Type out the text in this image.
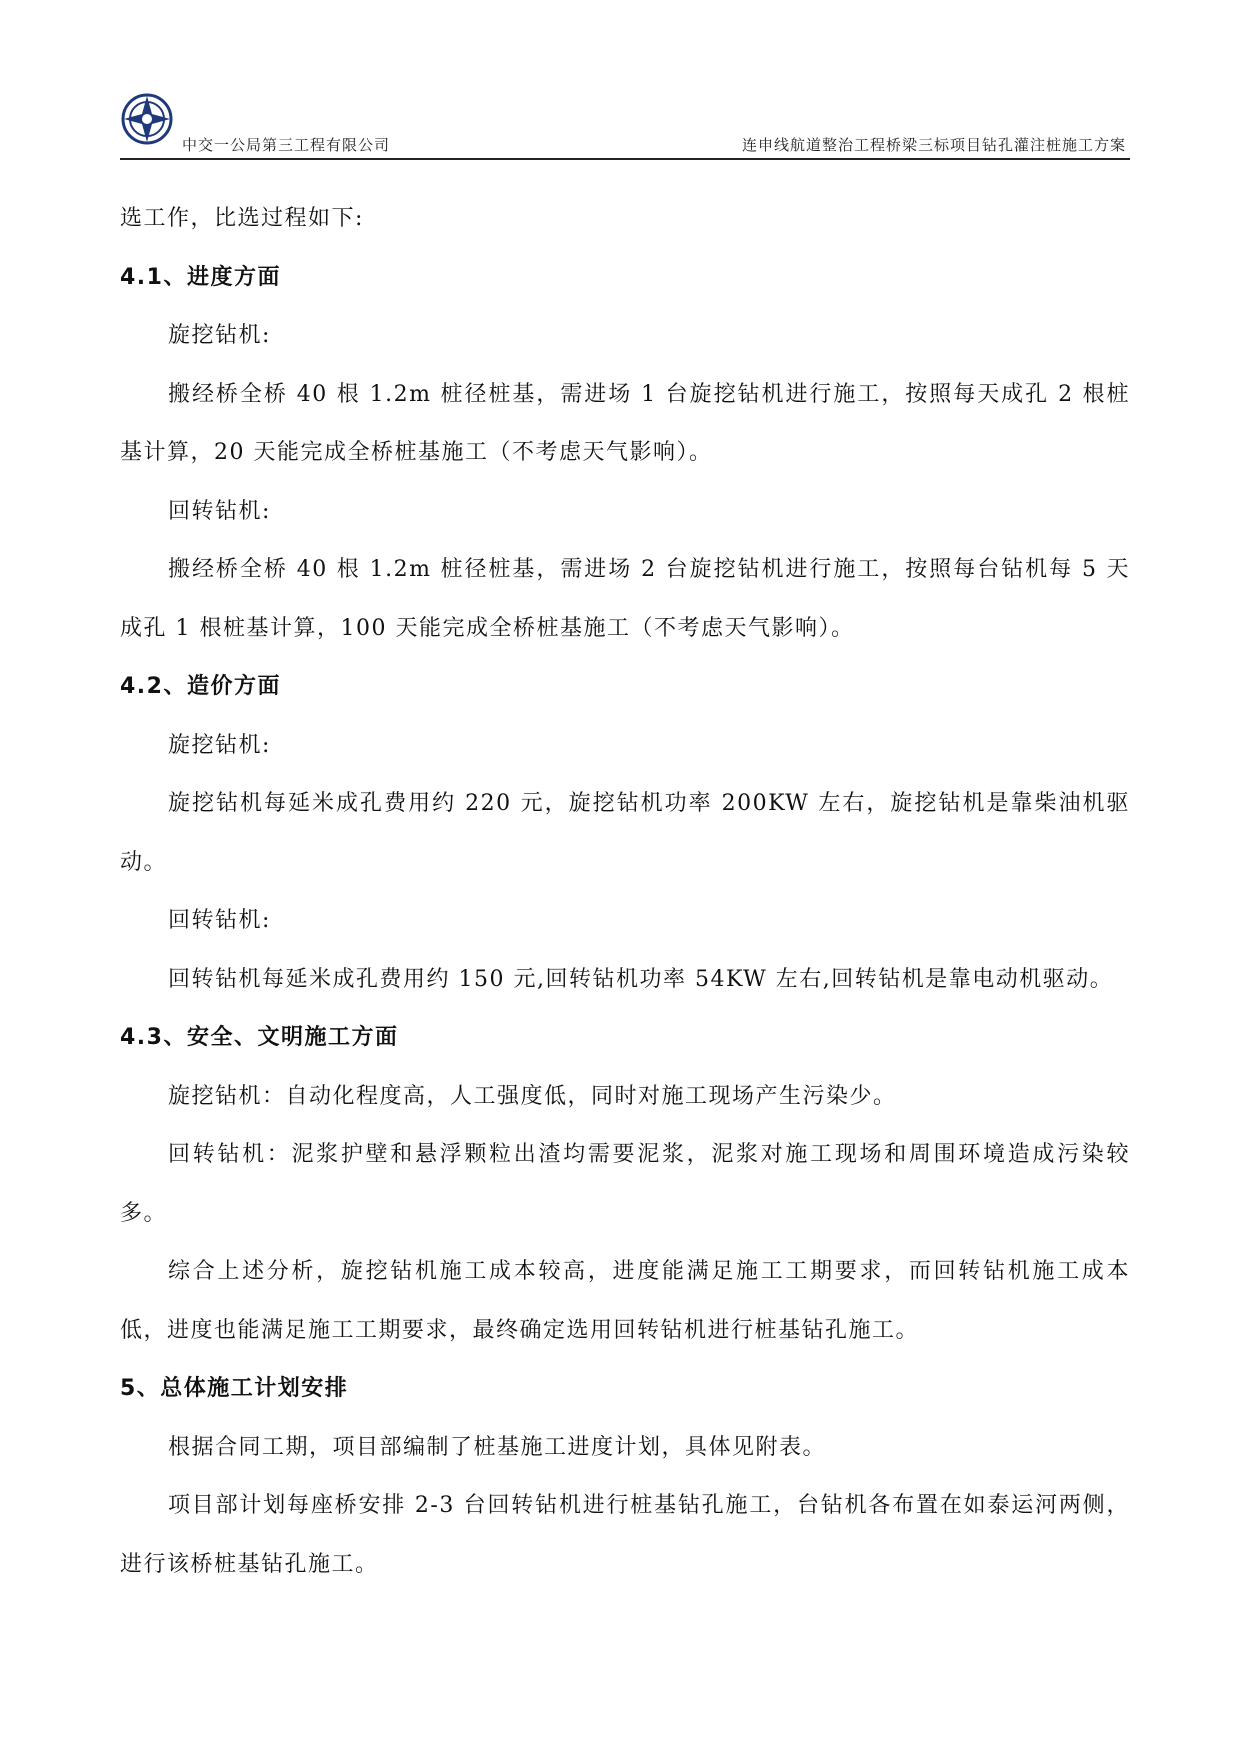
中交一公局第三工程有限公司	连申线航道整治工程桥梁三标项目钻孔灌注桩施工方案

选工作，比选过程如下:

4.1、进度方面

旋挖钻机:

搬经桥全桥 40 根 1.2m 桩径桩基，需进场 1 台旋挖钻机进行施工，按照每天成孔 2 根桩基计算，20 天能完成全桥桩基施工（不考虑天气影响）。

回转钻机:

搬经桥全桥 40 根 1.2m 桩径桩基，需进场 2 台旋挖钻机进行施工，按照每台钻机每 5 天成孔 1 根桩基计算，100 天能完成全桥桩基施工（不考虑天气影响）。

4.2、造价方面

旋挖钻机:

旋挖钻机每延米成孔费用约 220 元，旋挖钻机功率 200KW 左右，旋挖钻机是靠柴油机驱动。

回转钻机:

回转钻机每延米成孔费用约 150 元,回转钻机功率 54KW 左右,回转钻机是靠电动机驱动。

4.3、安全、文明施工方面

旋挖钻机：自动化程度高，人工强度低，同时对施工现场产生污染少。

回转钻机：泥浆护壁和悬浮颗粒出渣均需要泥浆，泥浆对施工现场和周围环境造成污染较多。

综合上述分析，旋挖钻机施工成本较高，进度能满足施工工期要求，而回转钻机施工成本低，进度也能满足施工工期要求，最终确定选用回转钻机进行桩基钻孔施工。

5、总体施工计划安排

根据合同工期，项目部编制了桩基施工进度计划，具体见附表。

项目部计划每座桥安排 2-3 台回转钻机进行桩基钻孔施工，台钻机各布置在如泰运河两侧，进行该桥桩基钻孔施工。
